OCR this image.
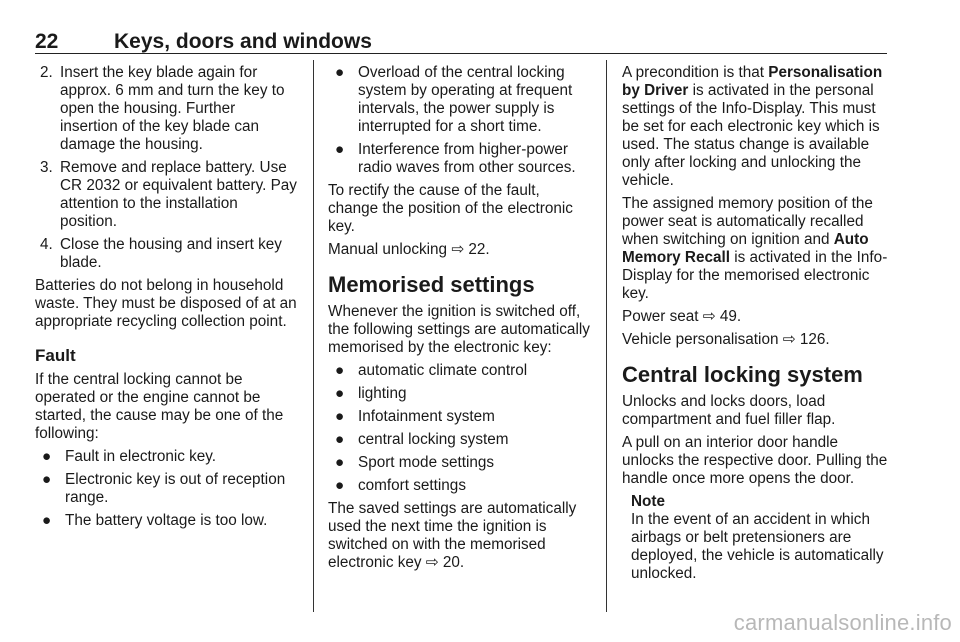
22	Keys, doors and windows
2. Insert the key blade again for approx. 6 mm and turn the key to open the housing. Further insertion of the key blade can damage the housing.
3. Remove and replace battery. Use CR 2032 or equivalent battery. Pay attention to the installation position.
4. Close the housing and insert key blade.

Batteries do not belong in household waste. They must be disposed of at an appropriate recycling collection point.

Fault

If the central locking cannot be operated or the engine cannot be started, the cause may be one of the following:

● Fault in electronic key.
● Electronic key is out of reception range.
● The battery voltage is too low.
● Overload of the central locking system by operating at frequent intervals, the power supply is interrupted for a short time.
● Interference from higher-power radio waves from other sources.

To rectify the cause of the fault, change the position of the electronic key.

Manual unlocking ⇨ 22.

Memorised settings

Whenever the ignition is switched off, the following settings are automatically memorised by the electronic key:

● automatic climate control
● lighting
● Infotainment system
● central locking system
● Sport mode settings
● comfort settings

The saved settings are automatically used the next time the ignition is switched on with the memorised electronic key ⇨ 20.

A precondition is that Personalisation by Driver is activated in the personal settings of the Info-Display. This must be set for each electronic key which is used. The status change is available only after locking and unlocking the vehicle.

The assigned memory position of the power seat is automatically recalled when switching on ignition and Auto Memory Recall is activated in the Info-Display for the memorised electronic key.

Power seat ⇨ 49.

Vehicle personalisation ⇨ 126.

Central locking system

Unlocks and locks doors, load compartment and fuel filler flap.

A pull on an interior door handle unlocks the respective door. Pulling the handle once more opens the door.

Note
In the event of an accident in which airbags or belt pretensioners are deployed, the vehicle is automatically unlocked.
carmanualsonline.info
